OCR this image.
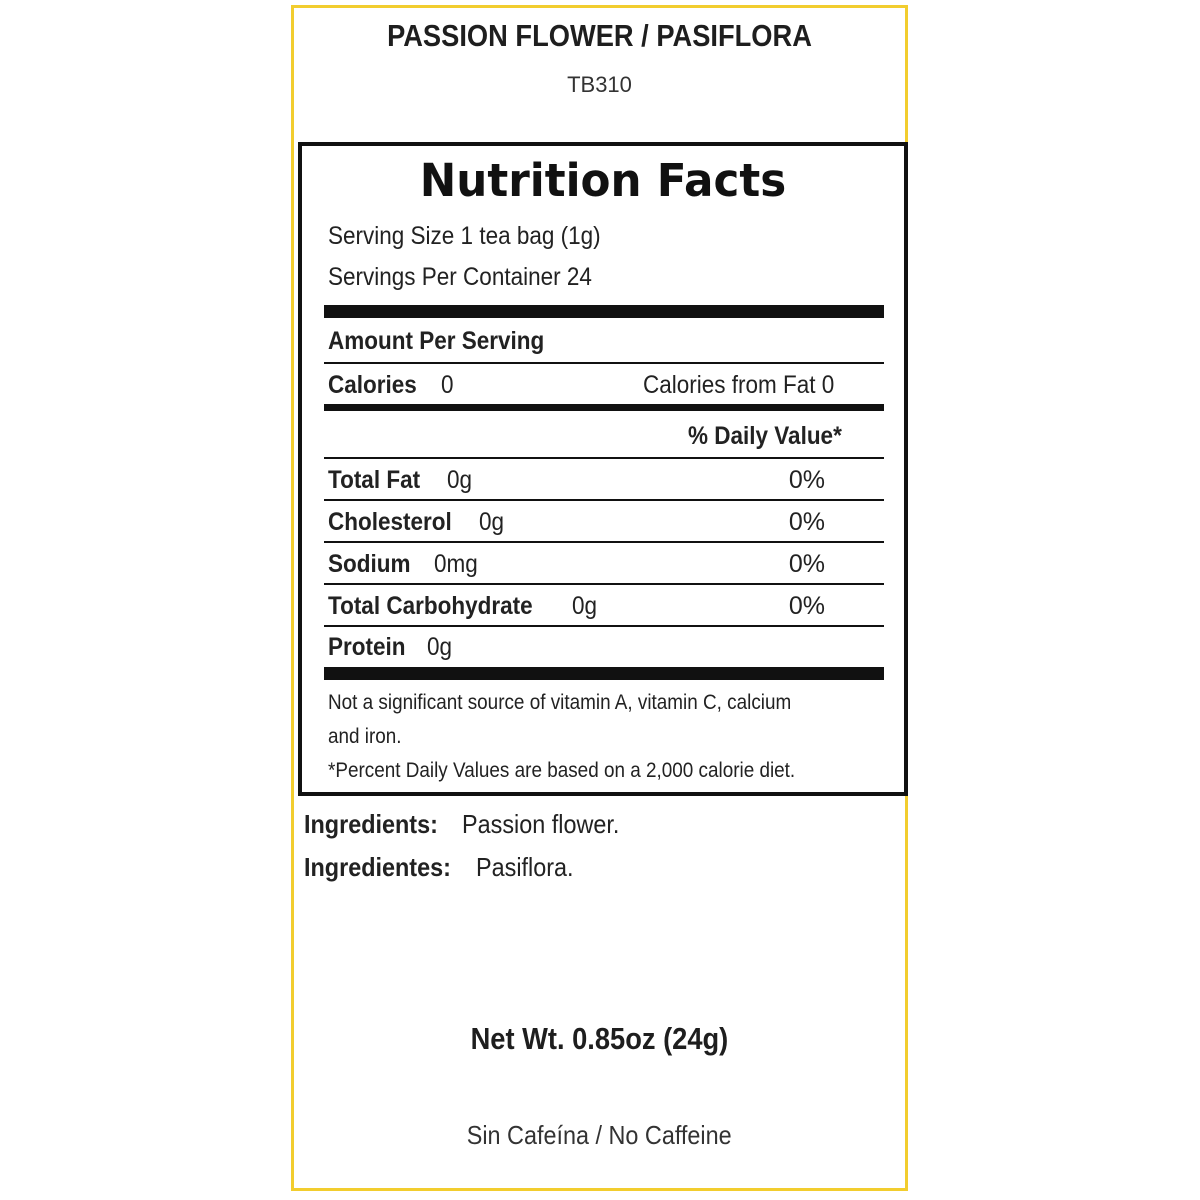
PASSION FLOWER / PASIFLORA
TB310
Nutrition Facts
Serving Size 1 tea bag (1g)
Servings Per Container 24
Amount Per Serving
Calories 0	Calories from Fat 0
% Daily Value*
Total Fat 0g	0%
Cholesterol 0g	0%
Sodium 0mg	0%
Total Carbohydrate 0g	0%
Protein 0g
Not a significant source of vitamin A, vitamin C, calcium
and iron.
*Percent Daily Values are based on a 2,000 calorie diet.
Ingredients: Passion flower.
Ingredientes: Pasiflora.
Net Wt. 0.85oz (24g)
Sin Cafeína / No Caffeine
